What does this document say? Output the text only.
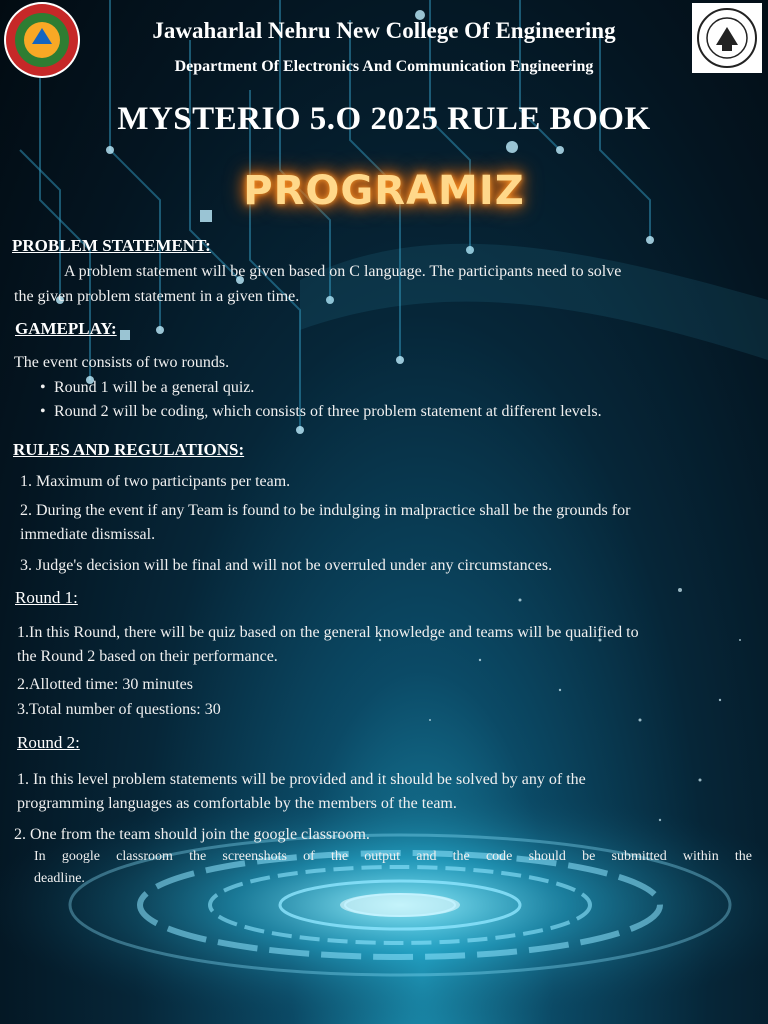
Jawaharlal Nehru New College Of Engineering
Department Of Electronics And Communication Engineering
MYSTERIO 5.O 2025 RULE BOOK
PROGRAMIZ
PROBLEM STATEMENT:
A problem statement will be given based on C language. The participants need to solve
the given problem statement in a given time.
GAMEPLAY:
The event consists of two rounds.
• Round 1 will be a general quiz.
• Round 2 will be coding, which consists of three problem statement at different levels.
RULES AND REGULATIONS:
1. Maximum of two participants per team.
2. During the event if any Team is found to be indulging in malpractice shall be the grounds for
immediate dismissal.
3. Judge's decision will be final and will not be overruled under any circumstances.
Round 1:
1.In this Round, there will be quiz based on the general knowledge and teams will be qualified to
the Round 2 based on their performance.
2.Allotted time: 30 minutes
3.Total number of questions: 30
Round 2:
1. In this level problem statements will be provided and it should be solved by any of the
programming languages as comfortable by the members of the team.
2. One from the team should join the google classroom.
In google classroom the screenshots of the output and the code should be submitted within the
deadline.
